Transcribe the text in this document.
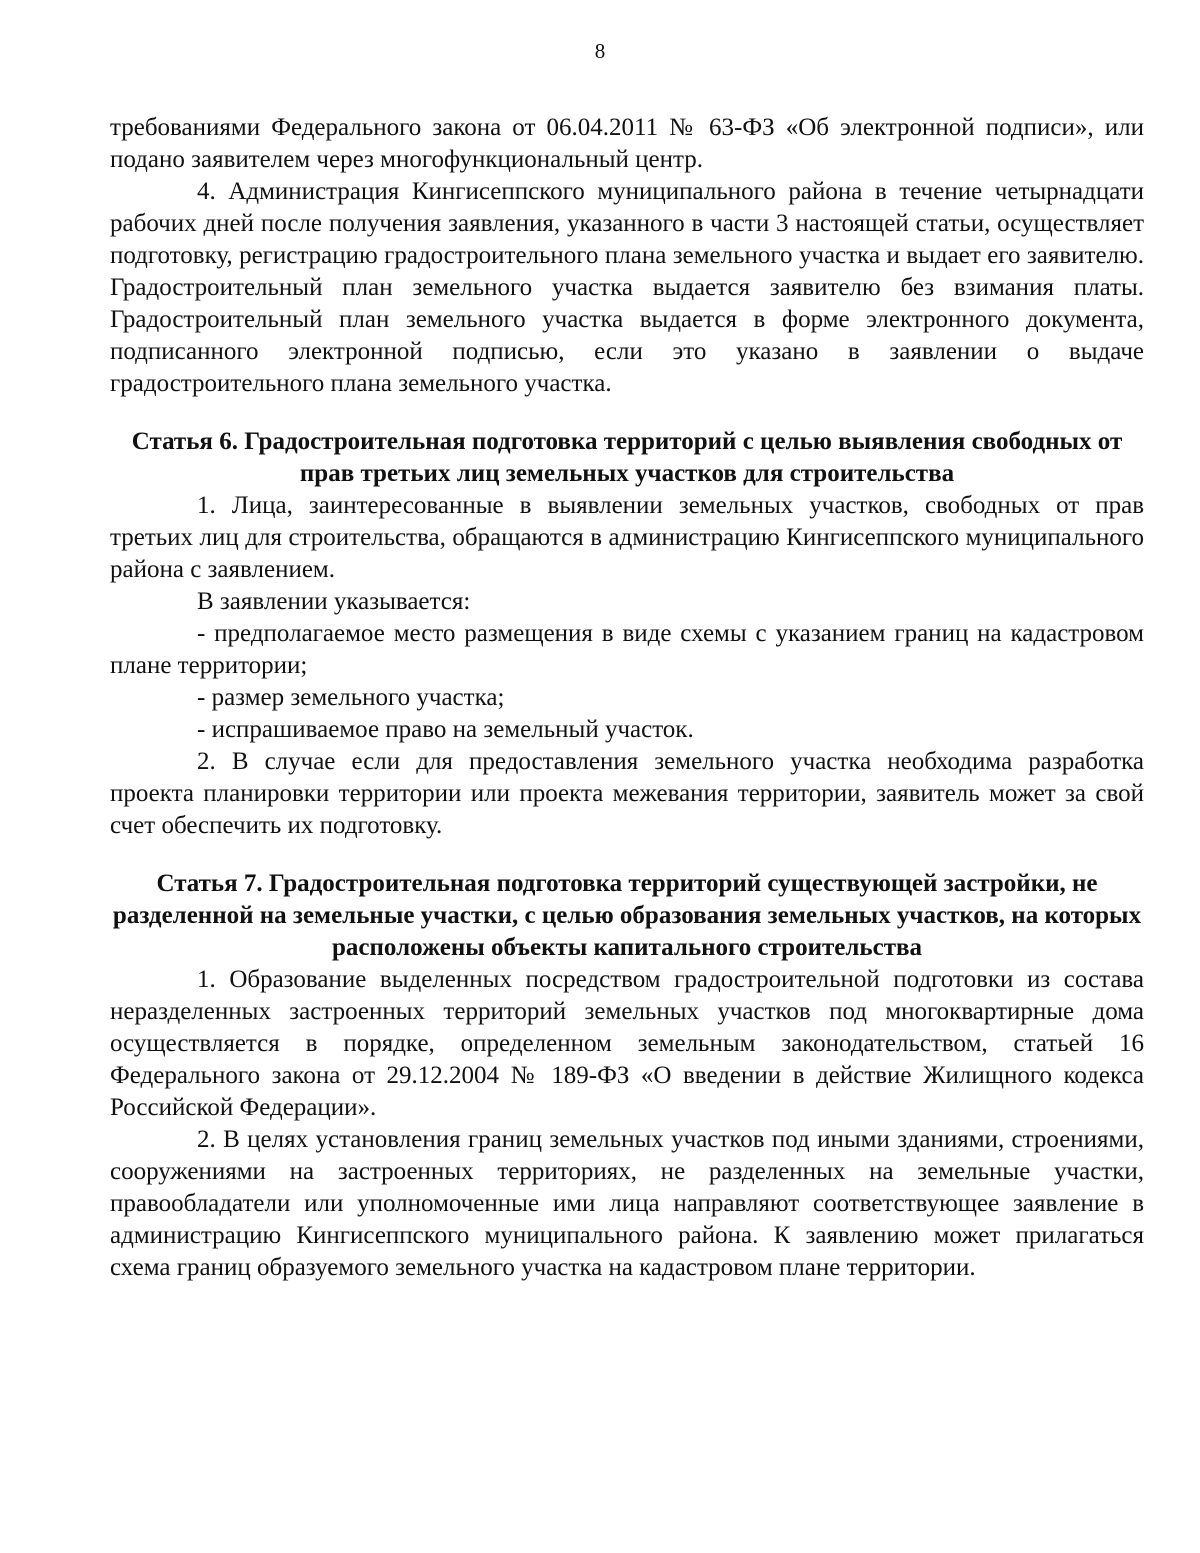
8

требованиями Федерального закона от 06.04.2011 № 63-ФЗ «Об электронной подписи», или подано заявителем через многофункциональный центр.

4. Администрация Кингисеппского муниципального района в течение четырнадцати рабочих дней после получения заявления, указанного в части 3 настоящей статьи, осуществляет подготовку, регистрацию градостроительного плана земельного участка и выдает его заявителю. Градостроительный план земельного участка выдается заявителю без взимания платы. Градостроительный план земельного участка выдается в форме электронного документа, подписанного электронной подписью, если это указано в заявлении о выдаче градостроительного плана земельного участка.

Статья 6. Градостроительная подготовка территорий с целью выявления свободных от прав третьих лиц земельных участков для строительства

1. Лица, заинтересованные в выявлении земельных участков, свободных от прав третьих лиц для строительства, обращаются в администрацию Кингисеппского муниципального района с заявлением.

В заявлении указывается:

- предполагаемое место размещения в виде схемы с указанием границ на кадастровом плане территории;

- размер земельного участка;

- испрашиваемое право на земельный участок.

2. В случае если для предоставления земельного участка необходима разработка проекта планировки территории или проекта межевания территории, заявитель может за свой счет обеспечить их подготовку.

Статья 7. Градостроительная подготовка территорий существующей застройки, не разделенной на земельные участки, с целью образования земельных участков, на которых расположены объекты капитального строительства

1. Образование выделенных посредством градостроительной подготовки из состава неразделенных застроенных территорий земельных участков под многоквартирные дома осуществляется в порядке, определенном земельным законодательством, статьей 16 Федерального закона от 29.12.2004 № 189-ФЗ «О введении в действие Жилищного кодекса Российской Федерации».

2. В целях установления границ земельных участков под иными зданиями, строениями, сооружениями на застроенных территориях, не разделенных на земельные участки, правообладатели или уполномоченные ими лица направляют соответствующее заявление в администрацию Кингисеппского муниципального района. К заявлению может прилагаться схема границ образуемого земельного участка на кадастровом плане территории.
